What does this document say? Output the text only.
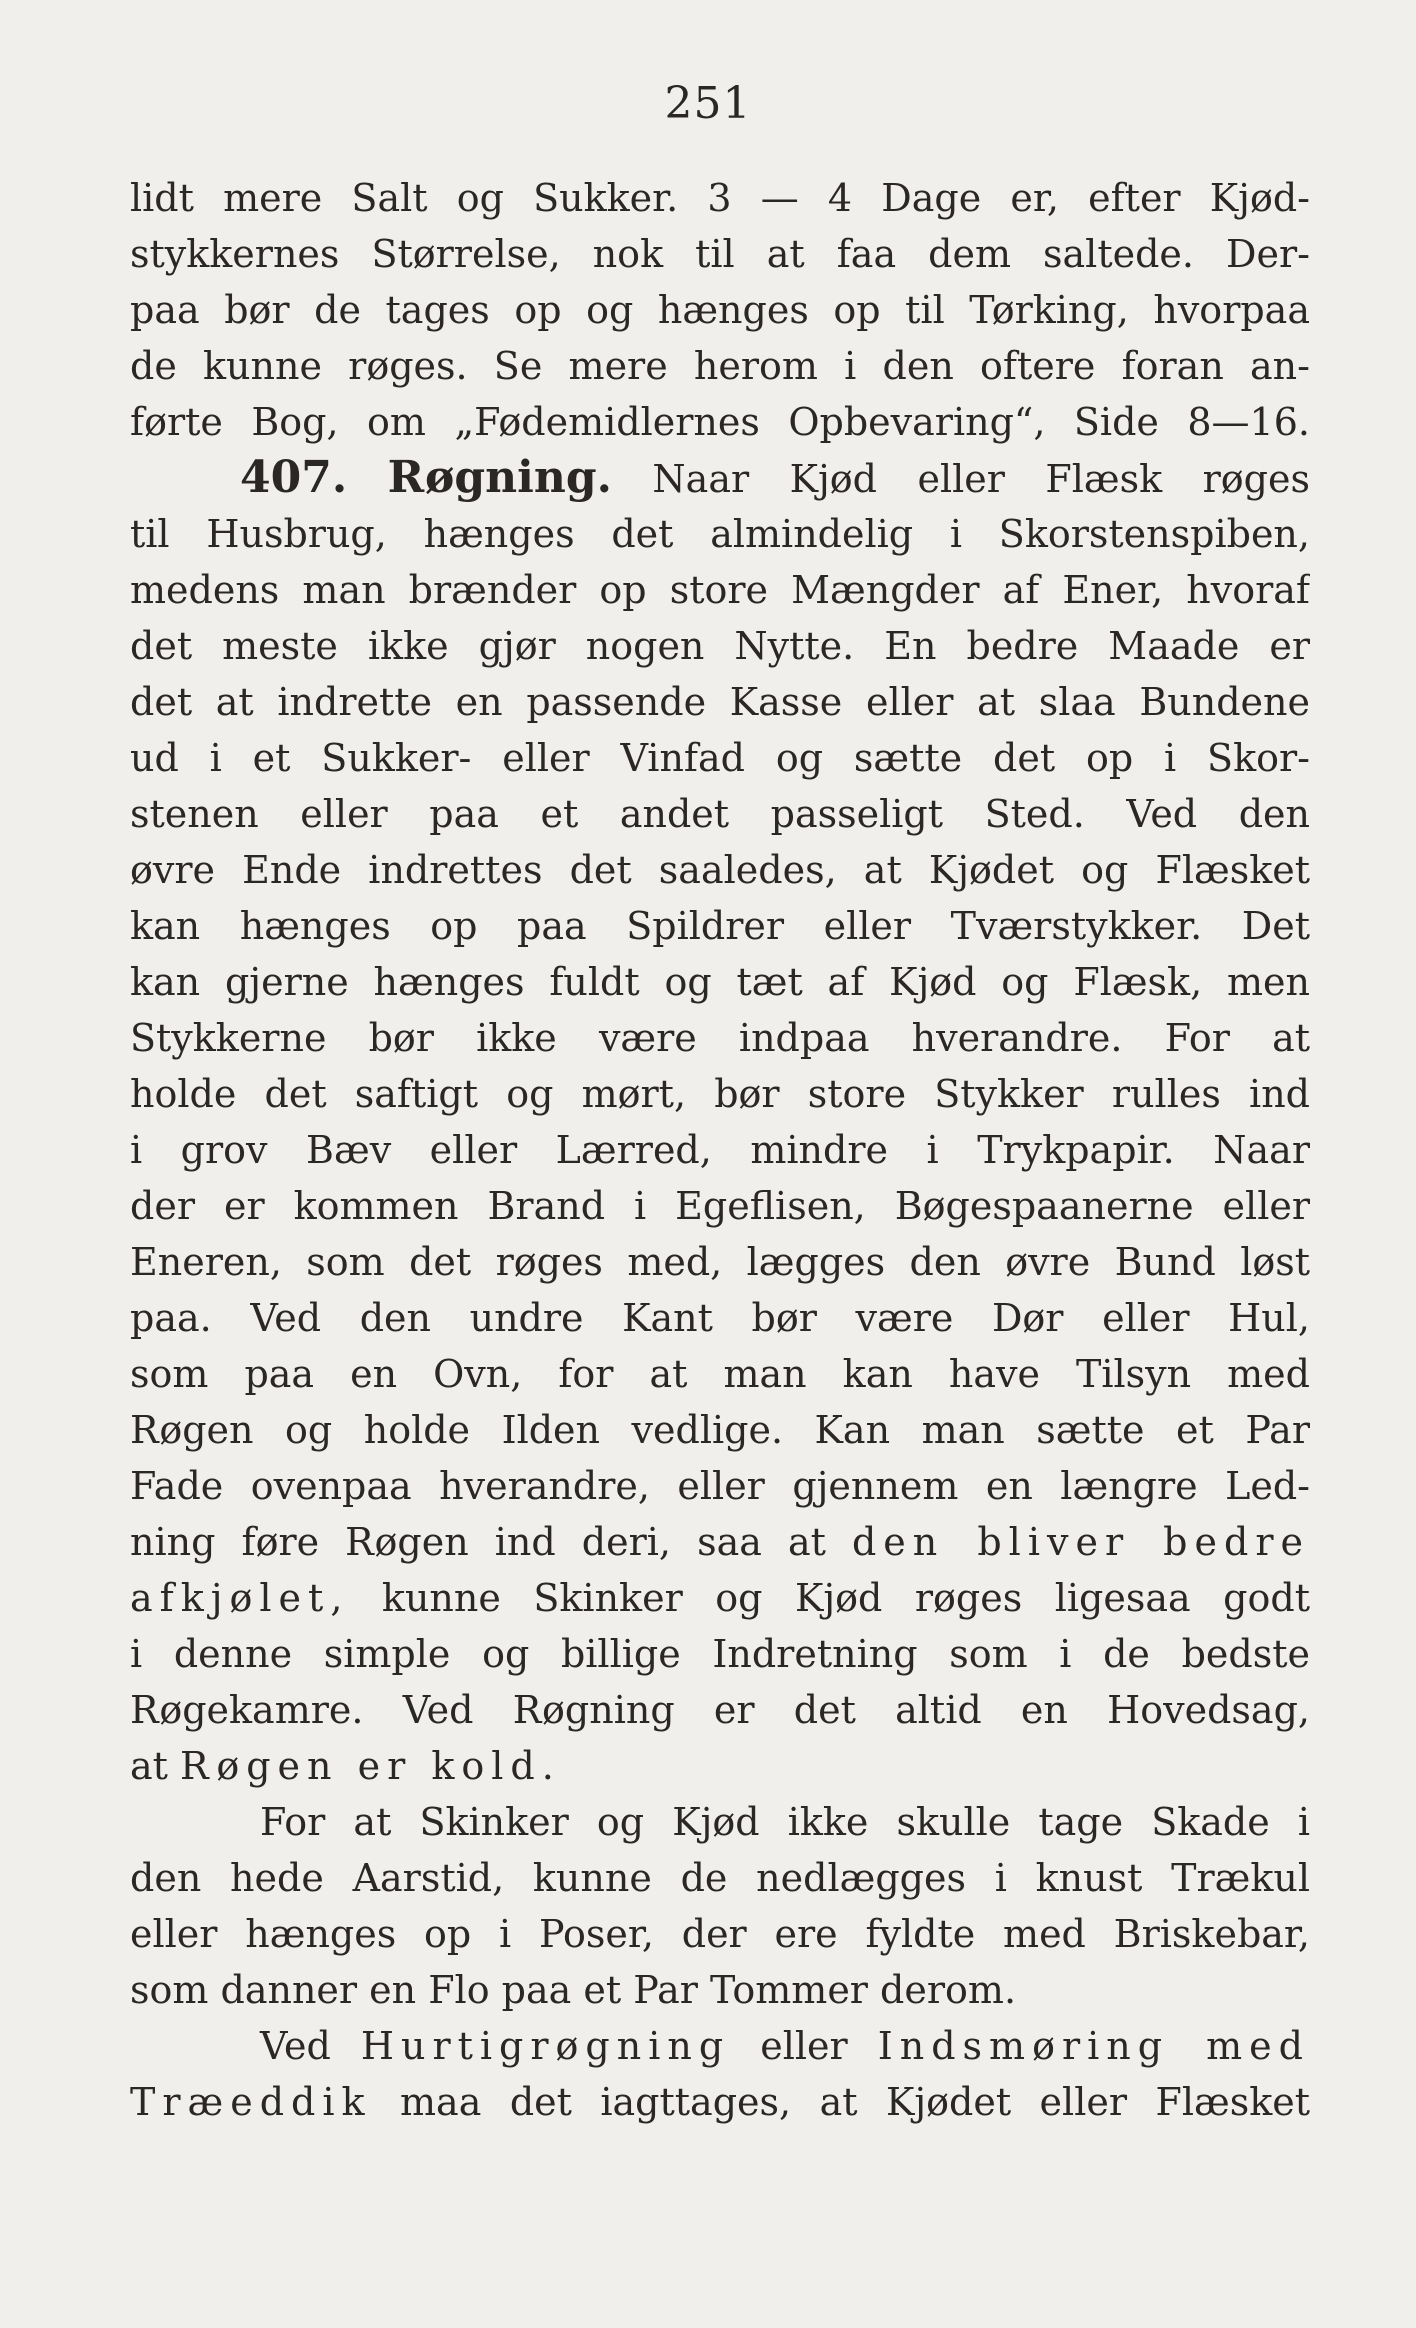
251
lidt mere Salt og Sukker. 3 — 4 Dage er, efter Kjød-
stykkernes Størrelse, nok til at faa dem saltede. Der-
paa bør de tages op og hænges op til Tørking, hvorpaa
de kunne røges. Se mere herom i den oftere foran an-
førte Bog, om „Fødemidlernes Opbevaring“, Side 8—16.
407. Røgning. Naar Kjød eller Flæsk røges
til Husbrug, hænges det almindelig i Skorstenspiben,
medens man brænder op store Mængder af Ener, hvoraf
det meste ikke gjør nogen Nytte. En bedre Maade er
det at indrette en passende Kasse eller at slaa Bundene
ud i et Sukker- eller Vinfad og sætte det op i Skor-
stenen eller paa et andet passeligt Sted. Ved den
øvre Ende indrettes det saaledes, at Kjødet og Flæsket
kan hænges op paa Spildrer eller Tværstykker. Det
kan gjerne hænges fuldt og tæt af Kjød og Flæsk, men
Stykkerne bør ikke være indpaa hverandre. For at
holde det saftigt og mørt, bør store Stykker rulles ind
i grov Bæv eller Lærred, mindre i Trykpapir. Naar
der er kommen Brand i Egeflisen, Bøgespaanerne eller
Eneren, som det røges med, lægges den øvre Bund løst
paa. Ved den undre Kant bør være Dør eller Hul,
som paa en Ovn, for at man kan have Tilsyn med
Røgen og holde Ilden vedlige. Kan man sætte et Par
Fade ovenpaa hverandre, eller gjennem en længre Led-
ning føre Røgen ind deri, saa at den bliver bedre
afkjølet, kunne Skinker og Kjød røges ligesaa godt
i denne simple og billige Indretning som i de bedste
Røgekamre. Ved Røgning er det altid en Hovedsag,
at Røgen er kold.
For at Skinker og Kjød ikke skulle tage Skade i
den hede Aarstid, kunne de nedlægges i knust Trækul
eller hænges op i Poser, der ere fyldte med Briskebar,
som danner en Flo paa et Par Tommer derom.
Ved Hurtigrøgning eller Indsmøring med
Træeddik maa det iagttages, at Kjødet eller Flæsket
